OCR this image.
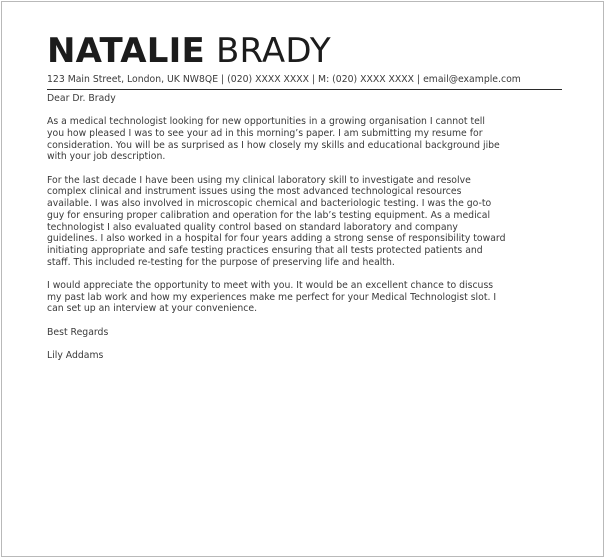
NATALIE BRADY
123 Main Street, London, UK NW8QE | (020) XXXX XXXX | M: (020) XXXX XXXX | email@example.com

Dear Dr. Brady

As a medical technologist looking for new opportunities in a growing organisation I cannot tell
you how pleased I was to see your ad in this morning’s paper. I am submitting my resume for
consideration. You will be as surprised as I how closely my skills and educational background jibe
with your job description.

For the last decade I have been using my clinical laboratory skill to investigate and resolve
complex clinical and instrument issues using the most advanced technological resources
available. I was also involved in microscopic chemical and bacteriologic testing. I was the go-to
guy for ensuring proper calibration and operation for the lab’s testing equipment. As a medical
technologist I also evaluated quality control based on standard laboratory and company
guidelines. I also worked in a hospital for four years adding a strong sense of responsibility toward
initiating appropriate and safe testing practices ensuring that all tests protected patients and
staff. This included re-testing for the purpose of preserving life and health.

I would appreciate the opportunity to meet with you. It would be an excellent chance to discuss
my past lab work and how my experiences make me perfect for your Medical Technologist slot. I
can set up an interview at your convenience.

Best Regards

Lily Addams
